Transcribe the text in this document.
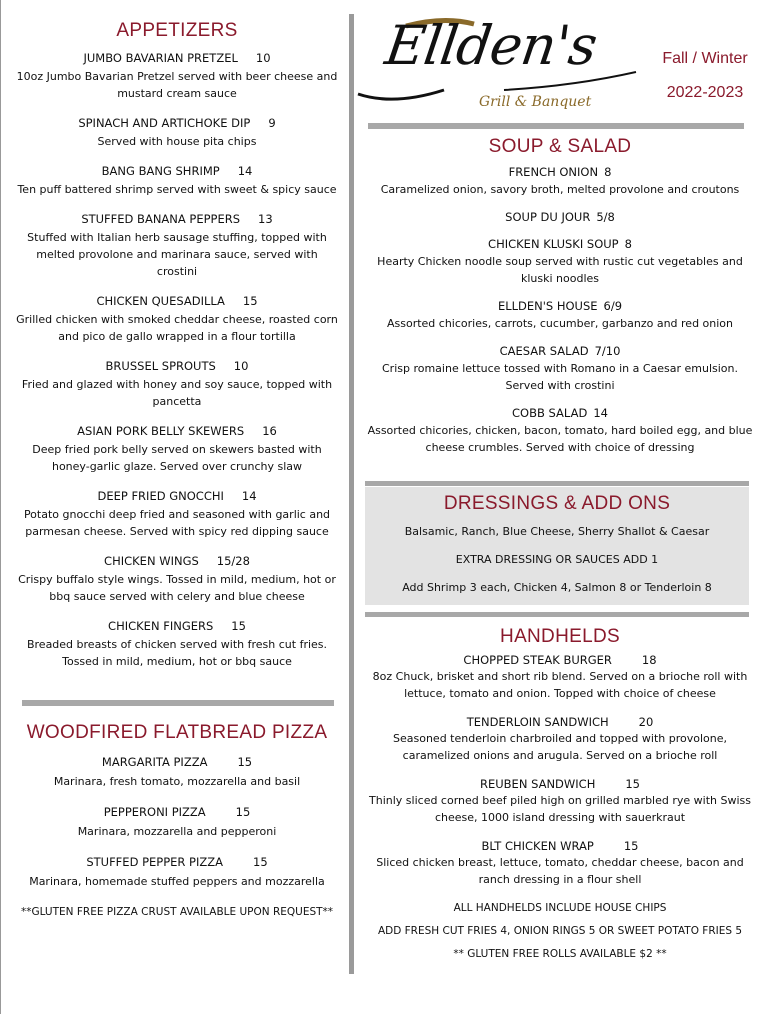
APPETIZERS
JUMBO BAVARIAN PRETZEL 10
10oz Jumbo Bavarian Pretzel served with beer cheese and mustard cream sauce
SPINACH AND ARTICHOKE DIP 9
Served with house pita chips
BANG BANG SHRIMP 14
Ten puff battered shrimp served with sweet & spicy sauce
STUFFED BANANA PEPPERS 13
Stuffed with Italian herb sausage stuffing, topped with melted provolone and marinara sauce, served with crostini
CHICKEN QUESADILLA 15
Grilled chicken with smoked cheddar cheese, roasted corn and pico de gallo wrapped in a flour tortilla
BRUSSEL SPROUTS 10
Fried and glazed with honey and soy sauce, topped with pancetta
ASIAN PORK BELLY SKEWERS 16
Deep fried pork belly served on skewers basted with honey-garlic glaze. Served over crunchy slaw
DEEP FRIED GNOCCHI 14
Potato gnocchi deep fried and seasoned with garlic and parmesan cheese. Served with spicy red dipping sauce
CHICKEN WINGS 15/28
Crispy buffalo style wings. Tossed in mild, medium, hot or bbq sauce served with celery and blue cheese
CHICKEN FINGERS 15
Breaded breasts of chicken served with fresh cut fries. Tossed in mild, medium, hot or bbq sauce
WOODFIRED FLATBREAD PIZZA
MARGARITA PIZZA	15
Marinara, fresh tomato, mozzarella and basil
PEPPERONI PIZZA	15
Marinara, mozzarella and pepperoni
STUFFED PEPPER PIZZA	15
Marinara, homemade stuffed peppers and mozzarella
**GLUTEN FREE PIZZA CRUST AVAILABLE UPON REQUEST**
Ellden's
Grill & Banquet
Fall / Winter
2022-2023
SOUP & SALAD
FRENCH ONION 8
Caramelized onion, savory broth, melted provolone and croutons
SOUP DU JOUR 5/8
CHICKEN KLUSKI SOUP 8
Hearty Chicken noodle soup served with rustic cut vegetables and kluski noodles
ELLDEN'S HOUSE 6/9
Assorted chicories, carrots, cucumber, garbanzo and red onion
CAESAR SALAD 7/10
Crisp romaine lettuce tossed with Romano in a Caesar emulsion. Served with crostini
COBB SALAD 14
Assorted chicories, chicken, bacon, tomato, hard boiled egg, and blue cheese crumbles. Served with choice of dressing
DRESSINGS & ADD ONS
Balsamic, Ranch, Blue Cheese, Sherry Shallot & Caesar
EXTRA DRESSING OR SAUCES ADD 1
Add Shrimp 3 each, Chicken 4, Salmon 8 or Tenderloin 8
HANDHELDS
CHOPPED STEAK BURGER	18
8oz Chuck, brisket and short rib blend. Served on a brioche roll with lettuce, tomato and onion. Topped with choice of cheese
TENDERLOIN SANDWICH	20
Seasoned tenderloin charbroiled and topped with provolone, caramelized onions and arugula. Served on a brioche roll
REUBEN SANDWICH	15
Thinly sliced corned beef piled high on grilled marbled rye with Swiss cheese, 1000 island dressing with sauerkraut
BLT CHICKEN WRAP	15
Sliced chicken breast, lettuce, tomato, cheddar cheese, bacon and ranch dressing in a flour shell
ALL HANDHELDS INCLUDE HOUSE CHIPS
ADD FRESH CUT FRIES 4, ONION RINGS 5 OR SWEET POTATO FRIES 5
** GLUTEN FREE ROLLS AVAILABLE $2 **
